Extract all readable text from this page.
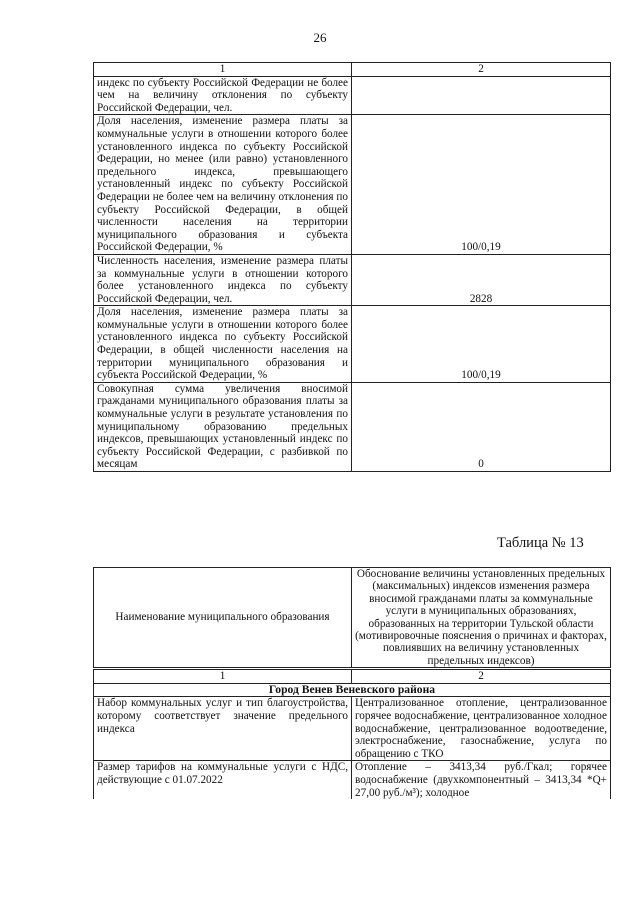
26
1	2
индекс по субъекту Российской Федерации не более чем на величину отклонения по субъекту Российской Федерации, чел.	
Доля населения, изменение размера платы за коммунальные услуги в отношении которого более установленного индекса по субъекту Российской Федерации, но менее (или равно) установленного предельного индекса, превышающего установленный индекс по субъекту Российской Федерации не более чем на величину отклонения по субъекту Российской Федерации, в общей численности населения на территории муниципального образования и субъекта Российской Федерации, %	100/0,19
Численность населения, изменение размера платы за коммунальные услуги в отношении которого более установленного индекса по субъекту Российской Федерации, чел.	2828
Доля населения, изменение размера платы за коммунальные услуги в отношении которого более установленного индекса по субъекту Российской Федерации, в общей численности населения на территории муниципального образования и субъекта Российской Федерации, %	100/0,19
Совокупная сумма увеличения вносимой гражданами муниципального образования платы за коммунальные услуги в результате установления по муниципальному образованию предельных индексов, превышающих установленный индекс по субъекту Российской Федерации, с разбивкой по месяцам	0
Таблица № 13
Наименование муниципального образования	Обоснование величины установленных предельных (максимальных) индексов изменения размера вносимой гражданами платы за коммунальные услуги в муниципальных образованиях, образованных на территории Тульской области (мотивировочные пояснения о причинах и факторах, повлиявших на величину установленных предельных индексов)
1	2
Город Венев Веневского района	
Набор коммунальных услуг и тип благоустройства, которому соответствует значение предельного индекса	Централизованное отопление, централизованное горячее водоснабжение, централизованное холодное водоснабжение, централизованное водоотведение, электроснабжение, газоснабжение, услуга по обращению с ТКО
Размер тарифов на коммунальные услуги с НДС, действующие с 01.07.2022	Отопление – 3413,34 руб./Гкал; горячее водоснабжение (двухкомпонентный – 3413,34 *Q+ 27,00 руб./м³); холодное
